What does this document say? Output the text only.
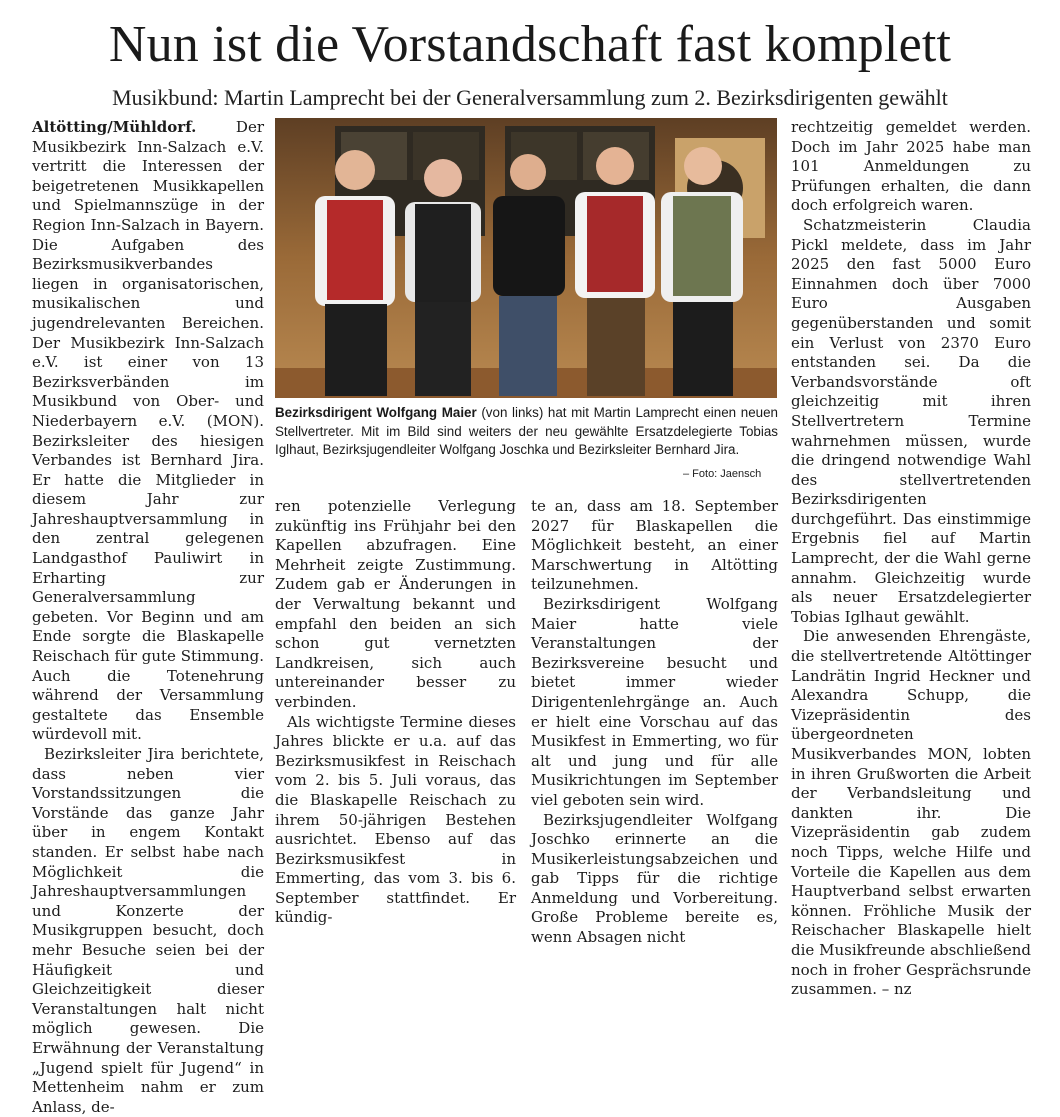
Nun ist die Vorstandschaft fast komplett
Musikbund: Martin Lamprecht bei der Generalversammlung zum 2. Bezirksdirigenten gewählt

Altötting/Mühldorf. Der Musikbezirk Inn-Salzach e.V. vertritt die Interessen der beigetretenen Musikkapellen und Spielmannszüge in der Region Inn-Salzach in Bayern. Die Aufgaben des Bezirksmusikverbandes liegen in organisatorischen, musikalischen und jugendrelevanten Bereichen. Der Musikbezirk Inn-Salzach e.V. ist einer von 13 Bezirksverbänden im Musikbund von Ober- und Niederbayern e.V. (MON). Bezirksleiter des hiesigen Verbandes ist Bernhard Jira. Er hatte die Mitglieder in diesem Jahr zur Jahreshauptversammlung in den zentral gelegenen Landgasthof Pauliwirt in Erharting zur Generalversammlung gebeten. Vor Beginn und am Ende sorgte die Blaskapelle Reischach für gute Stimmung. Auch die Totenehrung während der Versammlung gestaltete das Ensemble würdevoll mit.

Bezirksleiter Jira berichtete, dass neben vier Vorstandssitzungen die Vorstände das ganze Jahr über in engem Kontakt standen. Er selbst habe nach Möglichkeit die Jahreshauptversammlungen und Konzerte der Musikgruppen besucht, doch mehr Besuche seien bei der Häufigkeit und Gleichzeitigkeit dieser Veranstaltungen halt nicht möglich gewesen. Die Erwähnung der Veranstaltung „Jugend spielt für Jugend“ in Mettenheim nahm er zum Anlass, de-

Bezirksdirigent Wolfgang Maier (von links) hat mit Martin Lamprecht einen neuen Stellvertreter. Mit im Bild sind weiters der neu gewählte Ersatzdelegierte Tobias Iglhaut, Bezirksjugendleiter Wolfgang Joschka und Bezirksleiter Bernhard Jira.
– Foto: Jaensch

ren potenzielle Verlegung zukünftig ins Frühjahr bei den Kapellen abzufragen. Eine Mehrheit zeigte Zustimmung. Zudem gab er Änderungen in der Verwaltung bekannt und empfahl den beiden an sich schon gut vernetzten Landkreisen, sich auch untereinander besser zu verbinden.

Als wichtigste Termine dieses Jahres blickte er u.a. auf das Bezirksmusikfest in Reischach vom 2. bis 5. Juli voraus, das die Blaskapelle Reischach zu ihrem 50-jährigen Bestehen ausrichtet. Ebenso auf das Bezirksmusikfest in Emmerting, das vom 3. bis 6. September stattfindet. Er kündig-

te an, dass am 18. September 2027 für Blaskapellen die Möglichkeit besteht, an einer Marschwertung in Altötting teilzunehmen.

Bezirksdirigent Wolfgang Maier hatte viele Veranstaltungen der Bezirksvereine besucht und bietet immer wieder Dirigentenlehrgänge an. Auch er hielt eine Vorschau auf das Musikfest in Emmerting, wo für alt und jung und für alle Musikrichtungen im September viel geboten sein wird.

Bezirksjugendleiter Wolfgang Joschko erinnerte an die Musikerleistungsabzeichen und gab Tipps für die richtige Anmeldung und Vorbereitung. Große Probleme bereite es, wenn Absagen nicht

rechtzeitig gemeldet werden. Doch im Jahr 2025 habe man 101 Anmeldungen zu Prüfungen erhalten, die dann doch erfolgreich waren.

Schatzmeisterin Claudia Pickl meldete, dass im Jahr 2025 den fast 5000 Euro Einnahmen doch über 7000 Euro Ausgaben gegenüberstanden und somit ein Verlust von 2370 Euro entstanden sei. Da die Verbandsvorstände oft gleichzeitig mit ihren Stellvertretern Termine wahrnehmen müssen, wurde die dringend notwendige Wahl des stellvertretenden Bezirksdirigenten durchgeführt. Das einstimmige Ergebnis fiel auf Martin Lamprecht, der die Wahl gerne annahm. Gleichzeitig wurde als neuer Ersatzdelegierter Tobias Iglhaut gewählt.

Die anwesenden Ehrengäste, die stellvertretende Altöttinger Landrätin Ingrid Heckner und Alexandra Schupp, die Vizepräsidentin des übergeordneten Musikverbandes MON, lobten in ihren Grußworten die Arbeit der Verbandsleitung und dankten ihr. Die Vizepräsidentin gab zudem noch Tipps, welche Hilfe und Vorteile die Kapellen aus dem Hauptverband selbst erwarten können. Fröhliche Musik der Reischacher Blaskapelle hielt die Musikfreunde abschließend noch in froher Gesprächsrunde zusammen. – nz
